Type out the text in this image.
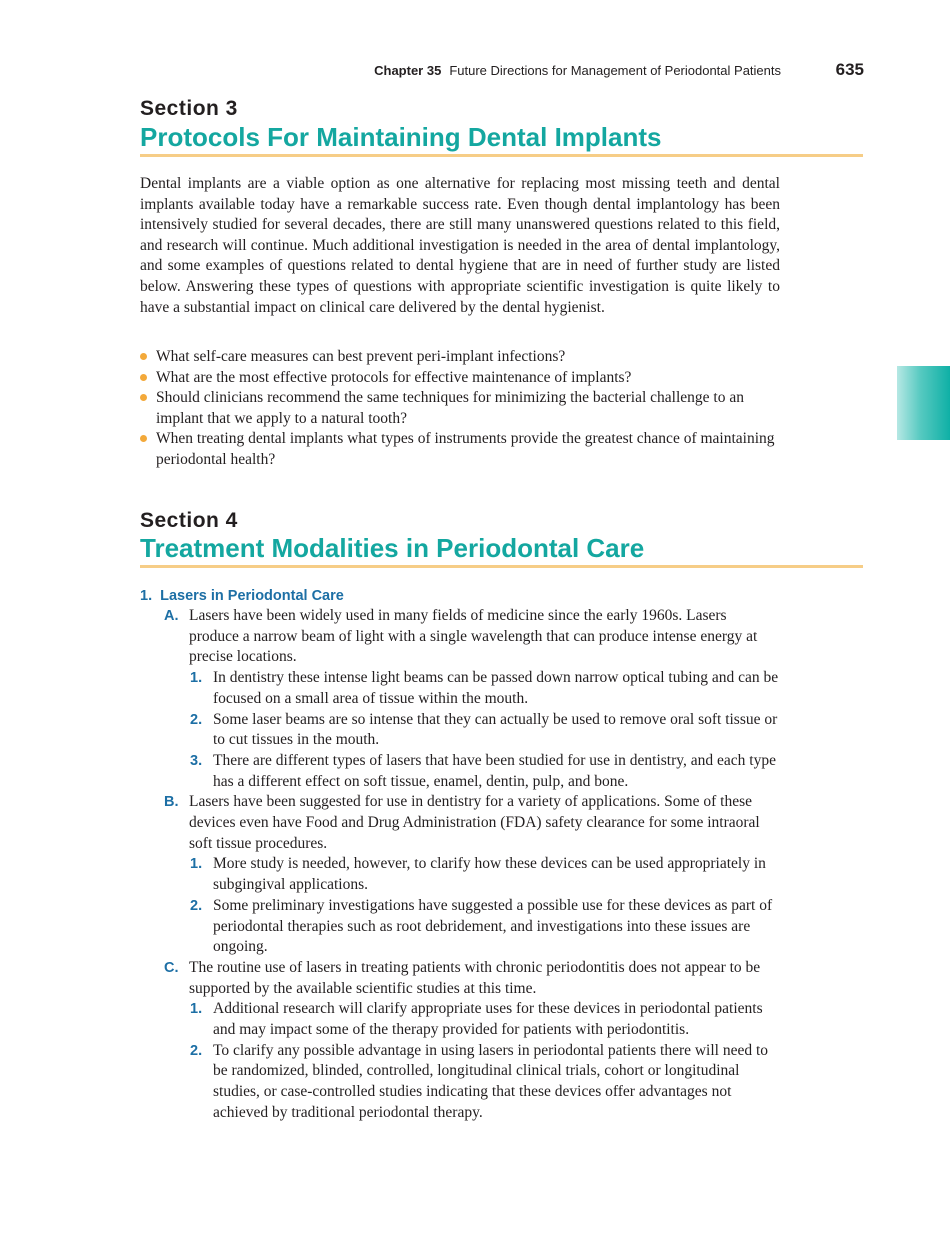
Chapter 35 Future Directions for Management of Periodontal Patients	635
Section 3
Protocols For Maintaining Dental Implants

Dental implants are a viable option as one alternative for replacing most missing teeth and dental implants available today have a remarkable success rate. Even though dental implantology has been intensively studied for several decades, there are still many unanswered questions related to this field, and research will continue. Much additional investigation is needed in the area of dental implantology, and some examples of questions related to dental hygiene that are in need of further study are listed below. Answering these types of questions with appropriate scientific investigation is quite likely to have a substantial impact on clinical care delivered by the dental hygienist.

What self-care measures can best prevent peri-implant infections?
What are the most effective protocols for effective maintenance of implants?
Should clinicians recommend the same techniques for minimizing the bacterial challenge to an implant that we apply to a natural tooth?
When treating dental implants what types of instruments provide the greatest chance of maintaining periodontal health?
Section 4
Treatment Modalities in Periodontal Care
1. Lasers in Periodontal Care
A. Lasers have been widely used in many fields of medicine since the early 1960s. Lasers produce a narrow beam of light with a single wavelength that can produce intense energy at precise locations.
1. In dentistry these intense light beams can be passed down narrow optical tubing and can be focused on a small area of tissue within the mouth.
2. Some laser beams are so intense that they can actually be used to remove oral soft tissue or to cut tissues in the mouth.
3. There are different types of lasers that have been studied for use in dentistry, and each type has a different effect on soft tissue, enamel, dentin, pulp, and bone.
B. Lasers have been suggested for use in dentistry for a variety of applications. Some of these devices even have Food and Drug Administration (FDA) safety clearance for some intraoral soft tissue procedures.
1. More study is needed, however, to clarify how these devices can be used appropriately in subgingival applications.
2. Some preliminary investigations have suggested a possible use for these devices as part of periodontal therapies such as root debridement, and investigations into these issues are ongoing.
C. The routine use of lasers in treating patients with chronic periodontitis does not appear to be supported by the available scientific studies at this time.
1. Additional research will clarify appropriate uses for these devices in periodontal patients and may impact some of the therapy provided for patients with periodontitis.
2. To clarify any possible advantage in using lasers in periodontal patients there will need to be randomized, blinded, controlled, longitudinal clinical trials, cohort or longitudinal studies, or case-controlled studies indicating that these devices offer advantages not achieved by traditional periodontal therapy.
